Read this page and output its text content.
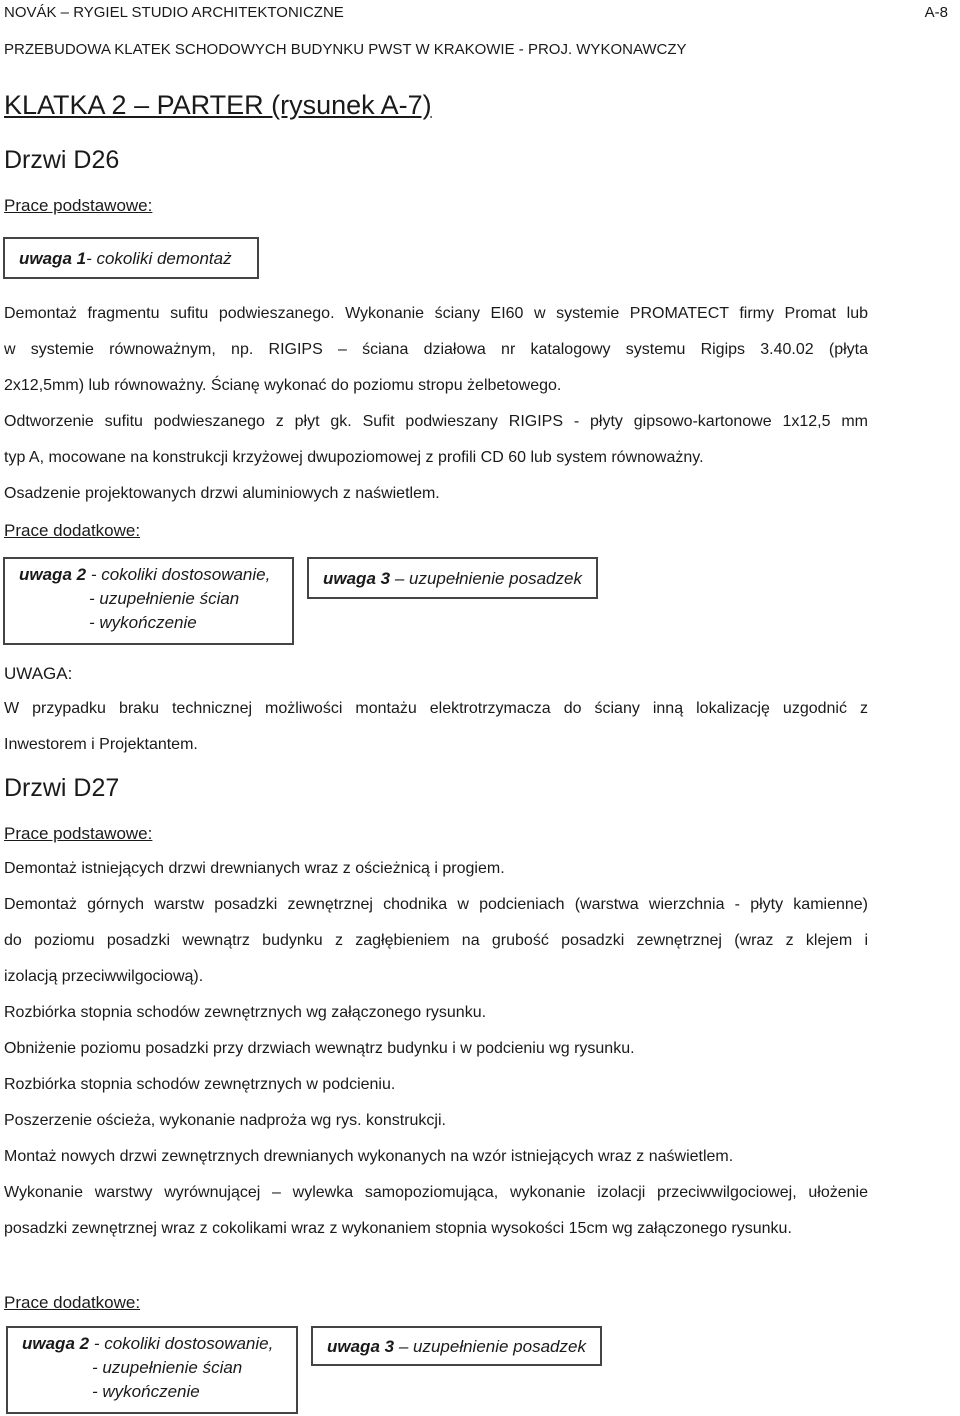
NOVÁK – RYGIEL STUDIO ARCHITEKTONICZNE	A-8
PRZEBUDOWA KLATEK SCHODOWYCH BUDYNKU PWST W KRAKOWIE - PROJ. WYKONAWCZY
KLATKA 2 – PARTER (rysunek A-7)
Drzwi D26
Prace podstawowe:
uwaga 1- cokoliki demontaż
Demontaż fragmentu sufitu podwieszanego. Wykonanie ściany EI60 w systemie PROMATECT firmy Promat lub
w systemie równoważnym, np. RIGIPS – ściana działowa nr katalogowy systemu Rigips 3.40.02 (płyta
2x12,5mm) lub równoważny. Ścianę wykonać do poziomu stropu żelbetowego.
Odtworzenie sufitu podwieszanego z płyt gk. Sufit podwieszany RIGIPS - płyty gipsowo-kartonowe 1x12,5 mm
typ A, mocowane na konstrukcji krzyżowej dwupoziomowej z profili CD 60 lub system równoważny.
Osadzenie projektowanych drzwi aluminiowych z naświetlem.
Prace dodatkowe:
uwaga 2 - cokoliki dostosowanie,
- uzupełnienie ścian
- wykończenie
uwaga 3 – uzupełnienie posadzek
UWAGA:
W przypadku braku technicznej możliwości montażu elektrotrzymacza do ściany inną lokalizację uzgodnić z
Inwestorem i Projektantem.
Drzwi D27
Prace podstawowe:
Demontaż istniejących drzwi drewnianych wraz z ościeżnicą i progiem.
Demontaż górnych warstw posadzki zewnętrznej chodnika w podcieniach (warstwa wierzchnia - płyty kamienne)
do poziomu posadzki wewnątrz budynku z zagłębieniem na grubość posadzki zewnętrznej (wraz z klejem i
izolacją przeciwwilgociową).
Rozbiórka stopnia schodów zewnętrznych wg załączonego rysunku.
Obniżenie poziomu posadzki przy drzwiach wewnątrz budynku i w podcieniu wg rysunku.
Rozbiórka stopnia schodów zewnętrznych w podcieniu.
Poszerzenie ościeża, wykonanie nadproża wg rys. konstrukcji.
Montaż nowych drzwi zewnętrznych drewnianych wykonanych na wzór istniejących wraz z naświetlem.
Wykonanie warstwy wyrównującej – wylewka samopoziomująca, wykonanie izolacji przeciwwilgociowej, ułożenie
posadzki zewnętrznej wraz z cokolikami wraz z wykonaniem stopnia wysokości 15cm wg załączonego rysunku.
Prace dodatkowe:
uwaga 2 - cokoliki dostosowanie,
- uzupełnienie ścian
- wykończenie
uwaga 3 – uzupełnienie posadzek
